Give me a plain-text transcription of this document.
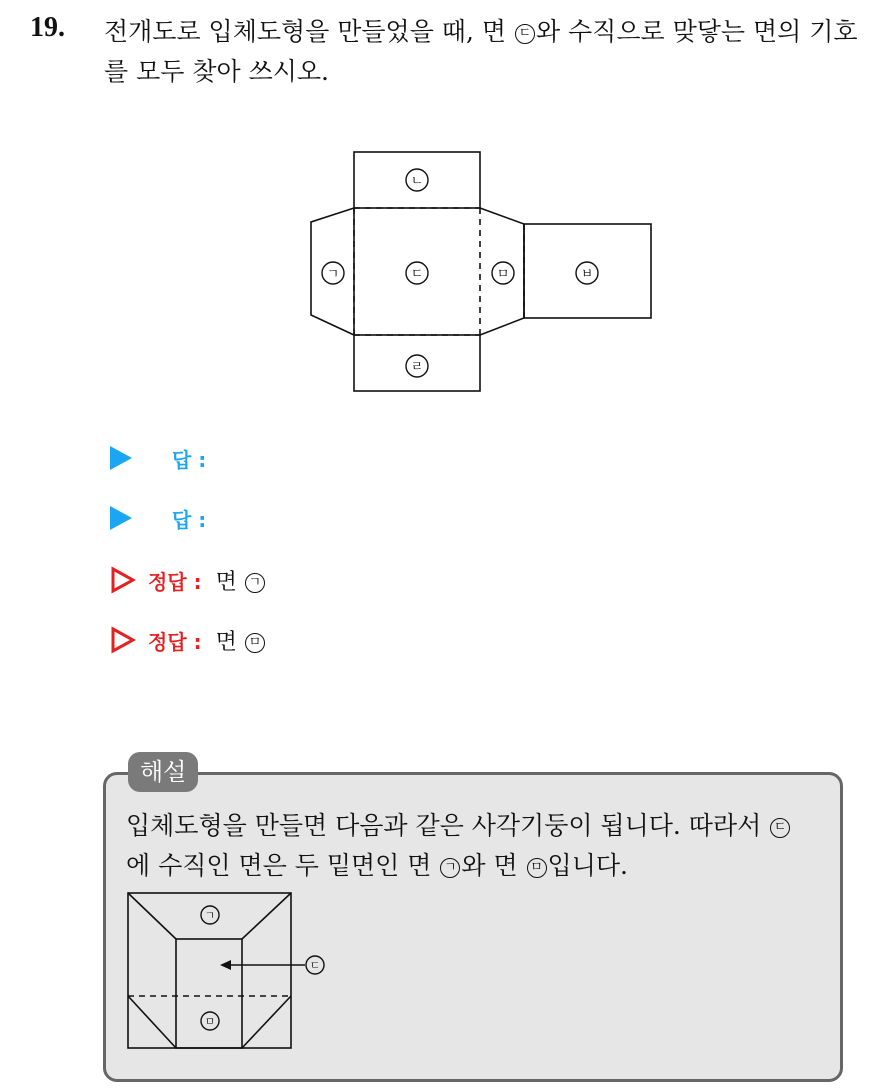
19. 전개도로 입체도형을 만들었을 때, 면 ㄷ 와 수직으로 맞닿는 면의 기호를 모두 찾아 쓰시오.
ㄴ
ㄱ	ㄷ	ㅁ	ㅂ
ㄹ
답 :
답 :
정답 : 면 ㄱ
정답 : 면 ㅁ
해설
입체도형을 만들면 다음과 같은 사각기둥이 됩니다. 따라서 ㄷ
에 수직인 면은 두 밑면인 면 ㄱ 와 면 ㅁ 입니다.
ㄱ
ㄷ
ㅁ
